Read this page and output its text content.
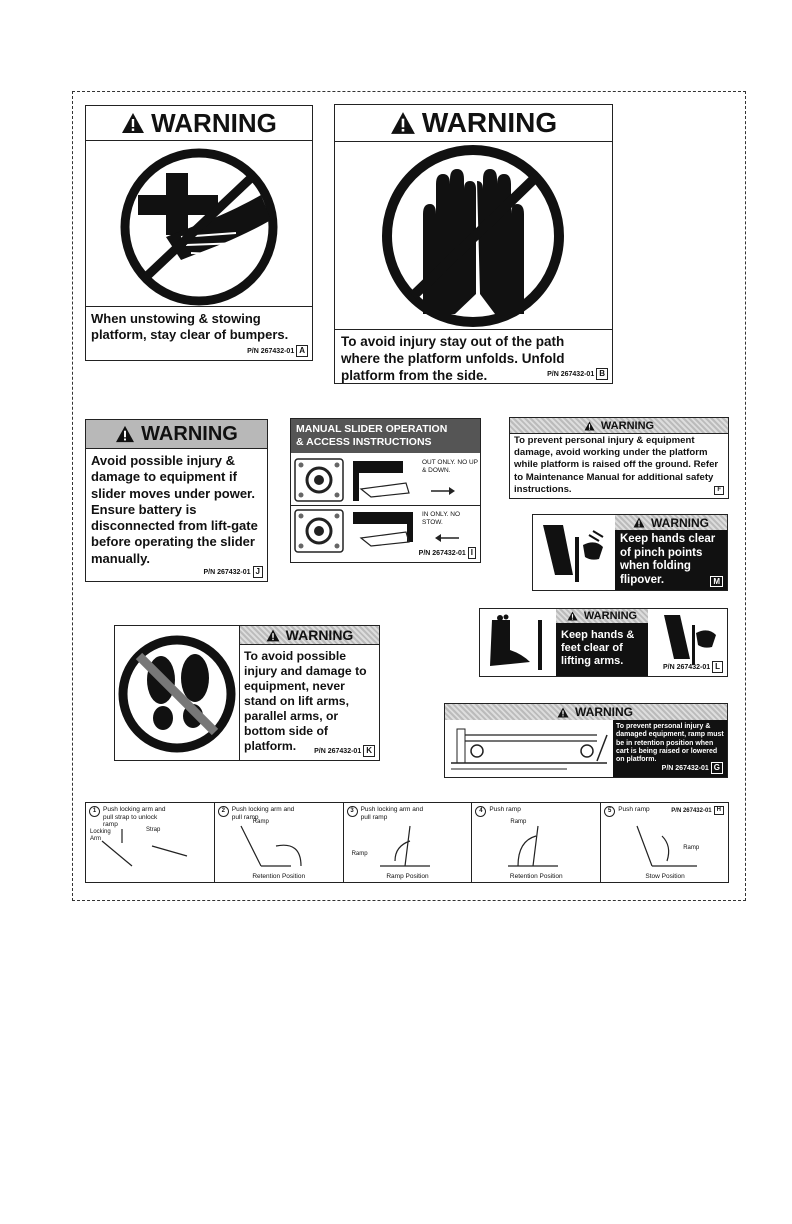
WARNING
When unstowing & stowing platform, stay clear of bumpers.
P/N 267432-01 A
WARNING
To avoid injury stay out of the path where the platform unfolds. Unfold platform from the side.	P/N 267432-01 B
WARNING
Avoid possible injury & damage to equipment if slider moves under power. Ensure battery is disconnected from lift-gate before operating the slider manually.
P/N 267432-01 J
MANUAL SLIDER OPERATION
& ACCESS INSTRUCTIONS
OUT ONLY. NO UP & DOWN.
IN ONLY. NO STOW.
P/N 267432-01 I
WARNING
To prevent personal injury & equipment damage, avoid working under the platform while platform is raised off the ground. Refer to Maintenance Manual for additional safety instructions.	F
WARNING
Keep hands clear of pinch points when folding flipover.	M
WARNING
To avoid possible injury and damage to equipment, never stand on lift arms, parallel arms, or bottom side of platform.	P/N 267432-01 K
WARNING
Keep hands & feet clear of lifting arms.	P/N 267432-01 L
WARNING
To prevent personal injury & damaged equipment, ramp must be in retention position when cart is being raised or lowered on platform.
P/N 267432-01 G
1	Push locking arm and pull strap to unlock ramp
Locking Arm
Strap
2	Push locking arm and pull ramp
Ramp
Retention Position
3	Push locking arm and pull ramp
Ramp
Ramp Position
4	Push ramp
Ramp
Retention Position
5	Push ramp
Ramp
Stow Position
P/N 267432-01 H
